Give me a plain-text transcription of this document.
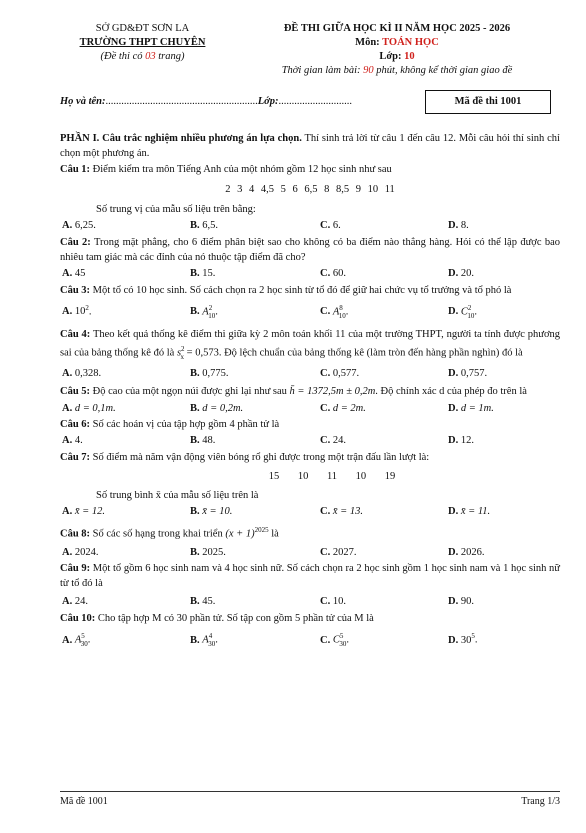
SỞ GD&ĐT SƠN LA
TRƯỜNG THPT CHUYÊN
(Đề thi có 03 trang)
ĐỀ THI GIỮA HỌC KÌ II NĂM HỌC 2025 - 2026
Môn: TOÁN HỌC
Lớp: 10
Thời gian làm bài: 90 phút, không kể thời gian giao đề
Họ và tên:..........................................................Lớp:............................	Mã đề thi 1001

PHẦN I. Câu trắc nghiệm nhiều phương án lựa chọn. Thí sinh trả lời từ câu 1 đến câu 12. Mỗi câu hỏi thí sinh chỉ chọn một phương án.

Câu 1: Điểm kiểm tra môn Tiếng Anh của một nhóm gồm 12 học sinh như sau

2 3 4 4,5 5 6 6,5 8 8,5 9 10 11
Số trung vị của mẫu số liệu trên bằng:
A. 6,25.	B. 6,5.	C. 6.	D. 8.

Câu 2: Trong mặt phẳng, cho 6 điểm phân biệt sao cho không có ba điểm nào thẳng hàng. Hỏi có thể lập được bao nhiêu tam giác mà các đỉnh của nó thuộc tập điểm đã cho?

A. 45	B. 15.	C. 60.	D. 20.

Câu 3: Một tổ có 10 học sinh. Số cách chọn ra 2 học sinh từ tổ đó để giữ hai chức vụ tổ trưởng và tổ phó là

A. $10^2$.	B. $A^2_{10}$.	C. $A^8_{10}$.	D. $C^2_{10}$.

Câu 4: Theo kết quả thống kê điểm thi giữa kỳ 2 môn toán khối 11 của một trường THPT, người ta tính được phương sai của bảng thống kê đó là $s^2_x = 0,573$. Độ lệch chuẩn của bảng thống kê (làm tròn đến hàng phần nghìn) đó là

A. 0,328.	B. 0,775.	C. 0,577.	D. 0,757.

Câu 5: Độ cao của một ngọn núi được ghi lại như sau h̄ = 1372,5m ± 0,2m. Độ chính xác d của phép đo trên là

A. d = 0,1m.	B. d = 0,2m.	C. d = 2m.	D. d = 1m.

Câu 6: Số các hoán vị của tập hợp gồm 4 phần tử là

A. 4.	B. 48.	C. 24.	D. 12.

Câu 7: Số điểm mà năm vận động viên bóng rổ ghi được trong một trận đấu lần lượt là:

15 10 11 10 19
Số trung bình x̄ của mẫu số liệu trên là
A. x̄ = 12.	B. x̄ = 10.	C. x̄ = 13.	D. x̄ = 11.

Câu 8: Số các số hạng trong khai triển $(x + 1)^{2025}$ là

A. 2024.	B. 2025.	C. 2027.	D. 2026.

Câu 9: Một tổ gồm 6 học sinh nam và 4 học sinh nữ. Số cách chọn ra 2 học sinh gồm 1 học sinh nam và 1 học sinh nữ từ tổ đó là

A. 24.	B. 45.	C. 10.	D. 90.

Câu 10: Cho tập hợp M có 30 phần tử. Số tập con gồm 5 phần tử của M là

A. $A^5_{30}$.	B. $A^4_{30}$.	C. $C^5_{30}$.	D. $30^5$.
Mã đề 1001	Trang 1/3
